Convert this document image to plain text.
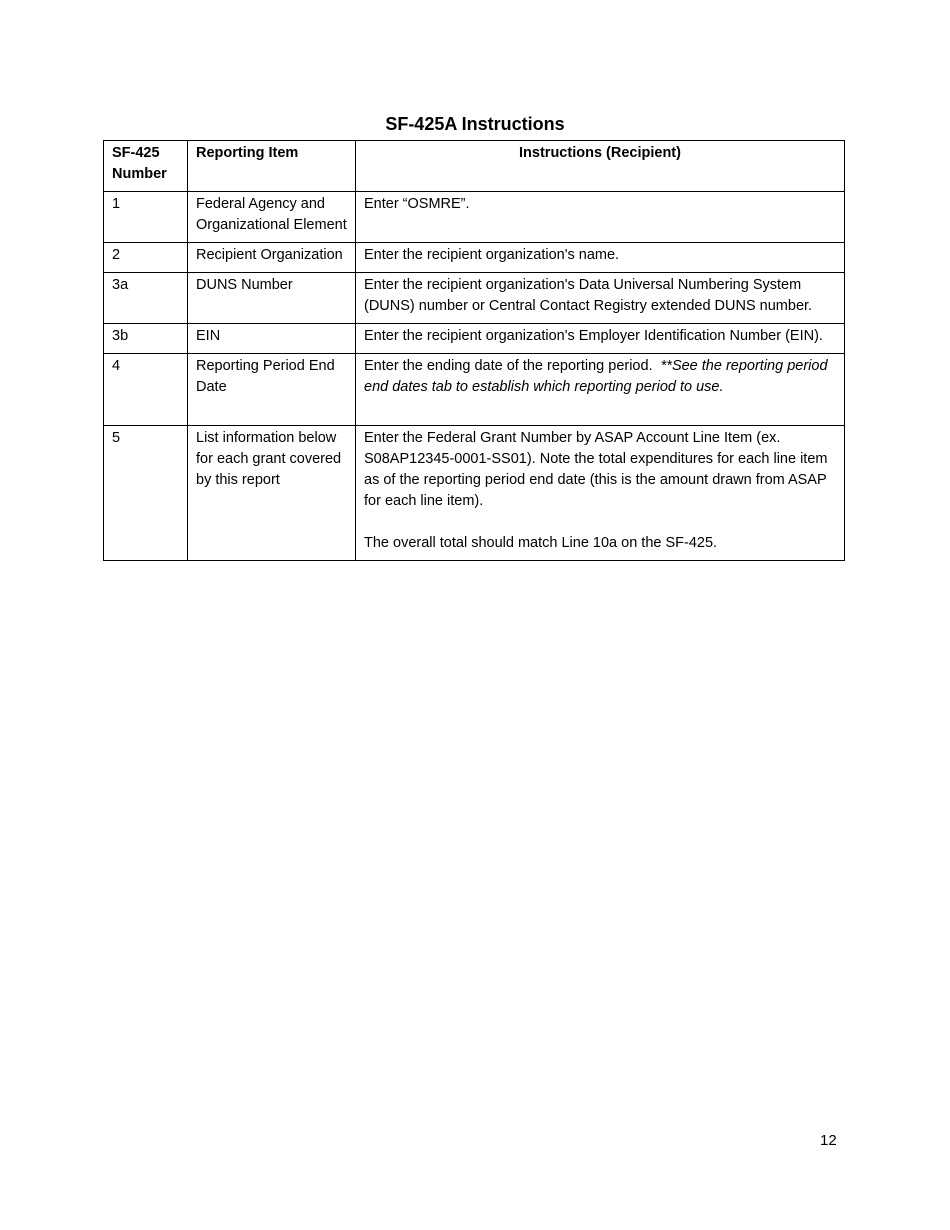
SF-425A Instructions
SF-425 Number	Reporting Item	Instructions (Recipient)
1	Federal Agency and Organizational Element	Enter “OSMRE”.
2	Recipient Organization	Enter the recipient organization's name.
3a	DUNS Number	Enter the recipient organization's Data Universal Numbering System (DUNS) number or Central Contact Registry extended DUNS number.
3b	EIN	Enter the recipient organization's Employer Identification Number (EIN).
4	Reporting Period End Date	Enter the ending date of the reporting period. **See the reporting period end dates tab to establish which reporting period to use.
5	List information below for each grant covered by this report	Enter the Federal Grant Number by ASAP Account Line Item (ex. S08AP12345-0001-SS01). Note the total expenditures for each line item as of the reporting period end date (this is the amount drawn from ASAP for each line item).
The overall total should match Line 10a on the SF-425.
12
